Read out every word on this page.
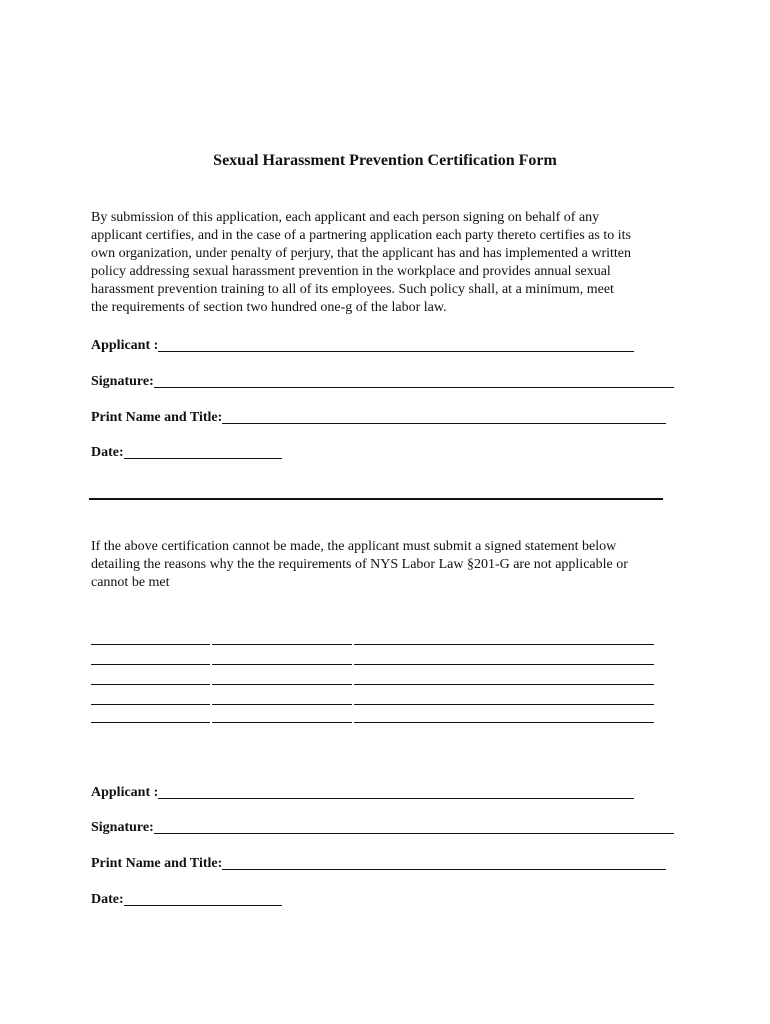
Sexual Harassment Prevention Certification Form
By submission of this application, each applicant and each person signing on behalf of any
applicant certifies, and in the case of a partnering application each party thereto certifies as to its
own organization, under penalty of perjury, that the applicant has and has implemented a written
policy addressing sexual harassment prevention in the workplace and provides annual sexual
harassment prevention training to all of its employees. Such policy shall, at a minimum, meet
the requirements of section two hundred one-g of the labor law.
Applicant :
Signature:
Print Name and Title:
Date:
If the above certification cannot be made, the applicant must submit a signed statement below
detailing the reasons why the the requirements of NYS Labor Law §201-G are not applicable or
cannot be met
Applicant :
Signature:
Print Name and Title:
Date:
